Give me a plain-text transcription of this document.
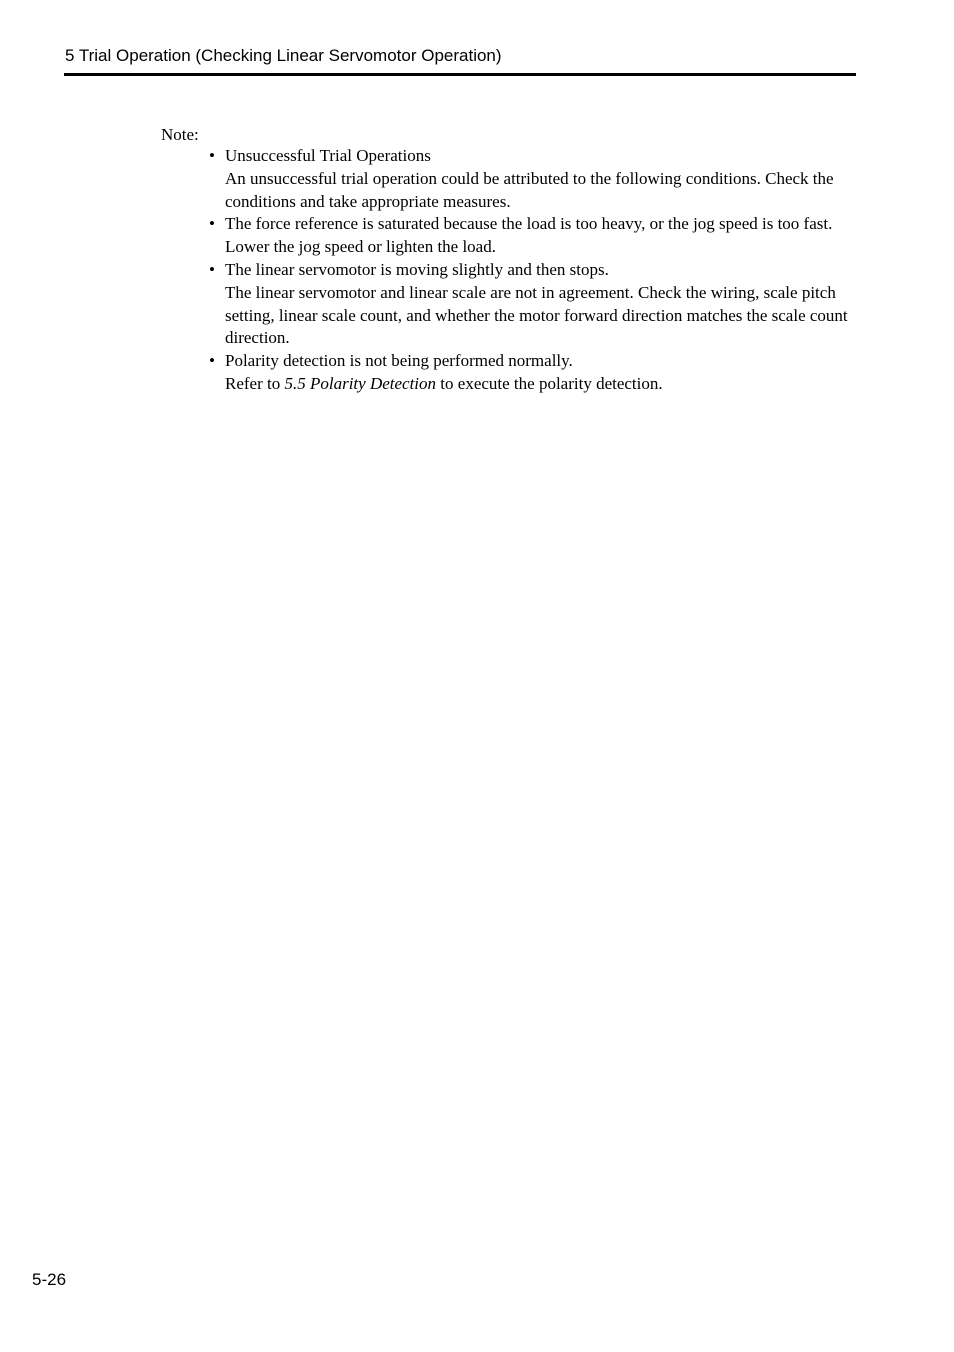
5 Trial Operation (Checking Linear Servomotor Operation)
Note:
• Unsuccessful Trial Operations
An unsuccessful trial operation could be attributed to the following conditions. Check the conditions and take appropriate measures.
• The force reference is saturated because the load is too heavy, or the jog speed is too fast.
Lower the jog speed or lighten the load.
• The linear servomotor is moving slightly and then stops.
The linear servomotor and linear scale are not in agreement. Check the wiring, scale pitch setting, linear scale count, and whether the motor forward direction matches the scale count direction.
• Polarity detection is not being performed normally.
Refer to 5.5 Polarity Detection to execute the polarity detection.
5-26
